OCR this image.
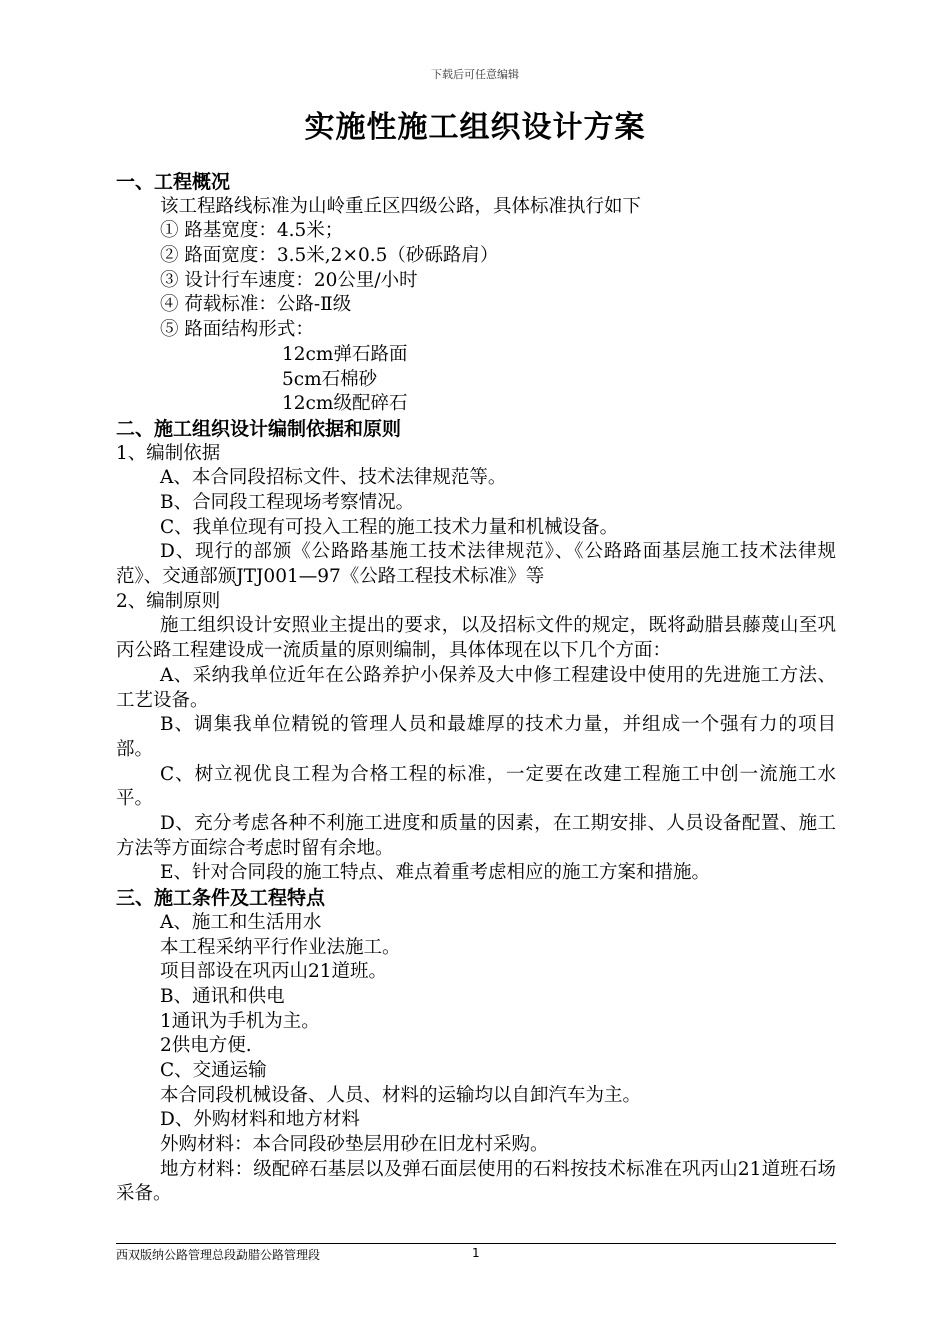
下载后可任意编辑
实施性施工组织设计方案
一、工程概况
该工程路线标准为山岭重丘区四级公路，具体标准执行如下
① 路基宽度：4.5米；
② 路面宽度：3.5米,2×0.5（砂砾路肩）
③ 设计行车速度：20公里/小时
④ 荷载标准：公路-Ⅱ级
⑤ 路面结构形式：
12cm弹石路面
5cm石棉砂
12cm级配碎石
二、施工组织设计编制依据和原则
1、编制依据
A、本合同段招标文件、技术法律规范等。
B、合同段工程现场考察情况。
C、我单位现有可投入工程的施工技术力量和机械设备。
D、现行的部颁《公路路基施工技术法律规范》、《公路路面基层施工技术法律规范》、交通部颁JTJ001—97《公路工程技术标准》等
2、编制原则
施工组织设计安照业主提出的要求，以及招标文件的规定，既将勐腊县藤蔑山至巩丙公路工程建设成一流质量的原则编制，具体体现在以下几个方面：
A、采纳我单位近年在公路养护小保养及大中修工程建设中使用的先进施工方法、工艺设备。
B、调集我单位精锐的管理人员和最雄厚的技术力量，并组成一个强有力的项目部。
C、树立视优良工程为合格工程的标准，一定要在改建工程施工中创一流施工水平。
D、充分考虑各种不利施工进度和质量的因素，在工期安排、人员设备配置、施工方法等方面综合考虑时留有余地。
E、针对合同段的施工特点、难点着重考虑相应的施工方案和措施。
三、施工条件及工程特点
A、施工和生活用水
本工程采纳平行作业法施工。
项目部设在巩丙山21道班。
B、通讯和供电
1通讯为手机为主。
2供电方便.
C、交通运输
本合同段机械设备、人员、材料的运输均以自卸汽车为主。
D、外购材料和地方材料
外购材料：本合同段砂垫层用砂在旧龙村采购。
地方材料：级配碎石基层以及弹石面层使用的石料按技术标准在巩丙山21道班石场采备。
西双版纳公路管理总段勐腊公路管理段	1
